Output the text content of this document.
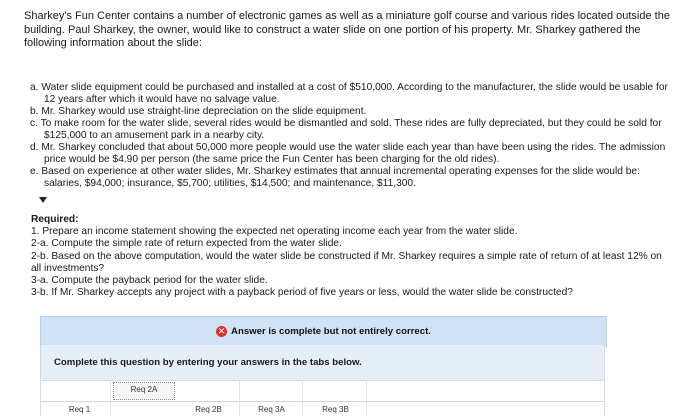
Sharkey's Fun Center contains a number of electronic games as well as a miniature golf course and various rides located outside the building. Paul Sharkey, the owner, would like to construct a water slide on one portion of his property. Mr. Sharkey gathered the following information about the slide:
a. Water slide equipment could be purchased and installed at a cost of $510,000. According to the manufacturer, the slide would be usable for 12 years after which it would have no salvage value.
b. Mr. Sharkey would use straight-line depreciation on the slide equipment.
c. To make room for the water slide, several rides would be dismantled and sold. These rides are fully depreciated, but they could be sold for $125,000 to an amusement park in a nearby city.
d. Mr. Sharkey concluded that about 50,000 more people would use the water slide each year than have been using the rides. The admission price would be $4.90 per person (the same price the Fun Center has been charging for the old rides).
e. Based on experience at other water slides, Mr. Sharkey estimates that annual incremental operating expenses for the slide would be: salaries, $94,000; insurance, $5,700; utilities, $14,500; and maintenance, $11,300.

Required:

1. Prepare an income statement showing the expected net operating income each year from the water slide.

2-a. Compute the simple rate of return expected from the water slide.

2-b. Based on the above computation, would the water slide be constructed if Mr. Sharkey requires a simple rate of return of at least 12% on all investments?

3-a. Compute the payback period for the water slide.

3-b. If Mr. Sharkey accepts any project with a payback period of five years or less, would the water slide be constructed?

✕ Answer is complete but not entirely correct.
Complete this question by entering your answers in the tabs below.
Req 1
Req 2A
Req 2B	Req 3A	Req 3B
